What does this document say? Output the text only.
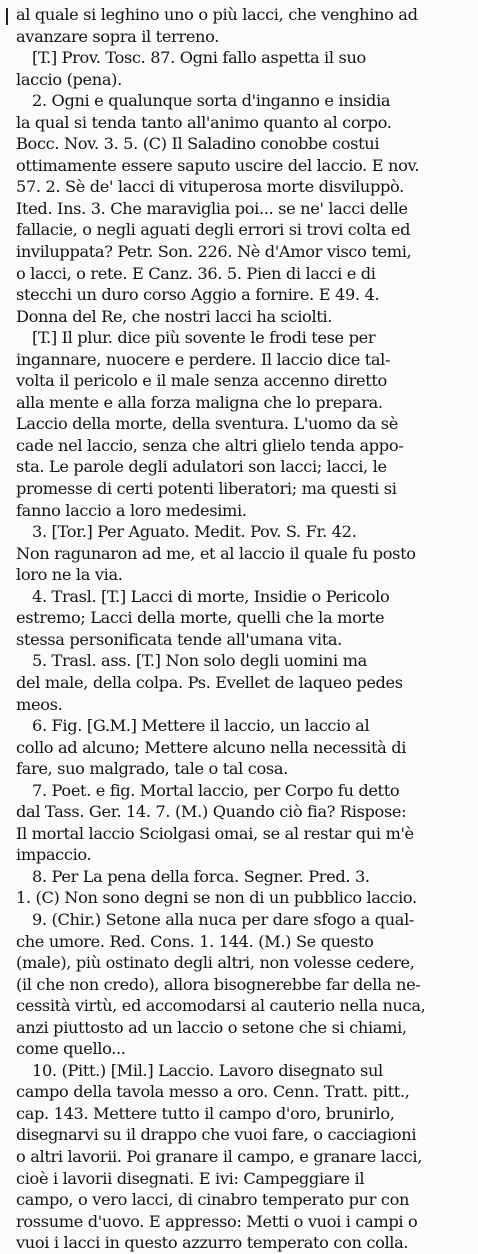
al quale si leghino uno o più lacci, che venghino ad
avanzare sopra il terreno.
[T.] Prov. Tosc. 87. Ogni fallo aspetta il suo
laccio (pena).
2. Ogni e qualunque sorta d'inganno e insidia
la qual si tenda tanto all'animo quanto al corpo.
Bocc. Nov. 3. 5. (C) Il Saladino conobbe costui
ottimamente essere saputo uscire del laccio. E nov.
57. 2. Sè de' lacci di vituperosa morte disviluppò.
Ited. Ins. 3. Che maraviglia poi... se ne' lacci delle
fallacie, o negli aguati degli errori si trovi colta ed
inviluppata? Petr. Son. 226. Nè d'Amor visco temi,
o lacci, o rete. E Canz. 36. 5. Pien di lacci e di
stecchi un duro corso Aggio a fornire. E 49. 4.
Donna del Re, che nostri lacci ha sciolti.
[T.] Il plur. dice più sovente le frodi tese per
ingannare, nuocere e perdere. Il laccio dice tal-
volta il pericolo e il male senza accenno diretto
alla mente e alla forza maligna che lo prepara.
Laccio della morte, della sventura. L'uomo da sè
cade nel laccio, senza che altri glielo tenda appo-
sta. Le parole degli adulatori son lacci; lacci, le
promesse di certi potenti liberatori; ma questi si
fanno laccio a loro medesimi.
3. [Tor.] Per Aguato. Medit. Pov. S. Fr. 42.
Non ragunaron ad me, et al laccio il quale fu posto
loro ne la via.
4. Trasl. [T.] Lacci di morte, Insidie o Pericolo
estremo; Lacci della morte, quelli che la morte
stessa personificata tende all'umana vita.
5. Trasl. ass. [T.] Non solo degli uomini ma
del male, della colpa. Ps. Evellet de laqueo pedes
meos.
6. Fig. [G.M.] Mettere il laccio, un laccio al
collo ad alcuno; Mettere alcuno nella necessità di
fare, suo malgrado, tale o tal cosa.
7. Poet. e fig. Mortal laccio, per Corpo fu detto
dal Tass. Ger. 14. 7. (M.) Quando ciò fia? Rispose:
Il mortal laccio Sciolgasi omai, se al restar qui m'è
impaccio.
8. Per La pena della forca. Segner. Pred. 3.
1. (C) Non sono degni se non di un pubblico laccio.
9. (Chir.) Setone alla nuca per dare sfogo a qual-
che umore. Red. Cons. 1. 144. (M.) Se questo
(male), più ostinato degli altri, non volesse cedere,
(il che non credo), allora bisognerebbe far della ne-
cessità virtù, ed accomodarsi al cauterio nella nuca,
anzi piuttosto ad un laccio o setone che si chiami,
come quello...
10. (Pitt.) [Mil.] Laccio. Lavoro disegnato sul
campo della tavola messo a oro. Cenn. Tratt. pitt.,
cap. 143. Mettere tutto il campo d'oro, brunirlo,
disegnarvi su il drappo che vuoi fare, o cacciagioni
o altri lavorii. Poi granare il campo, e granare lacci,
cioè i lavorii disegnati. E ivi: Campeggiare il
campo, o vero lacci, di cinabro temperato pur con
rossume d'uovo. E appresso: Metti o vuoi i campi o
vuoi i lacci in questo azzurro temperato con colla.
